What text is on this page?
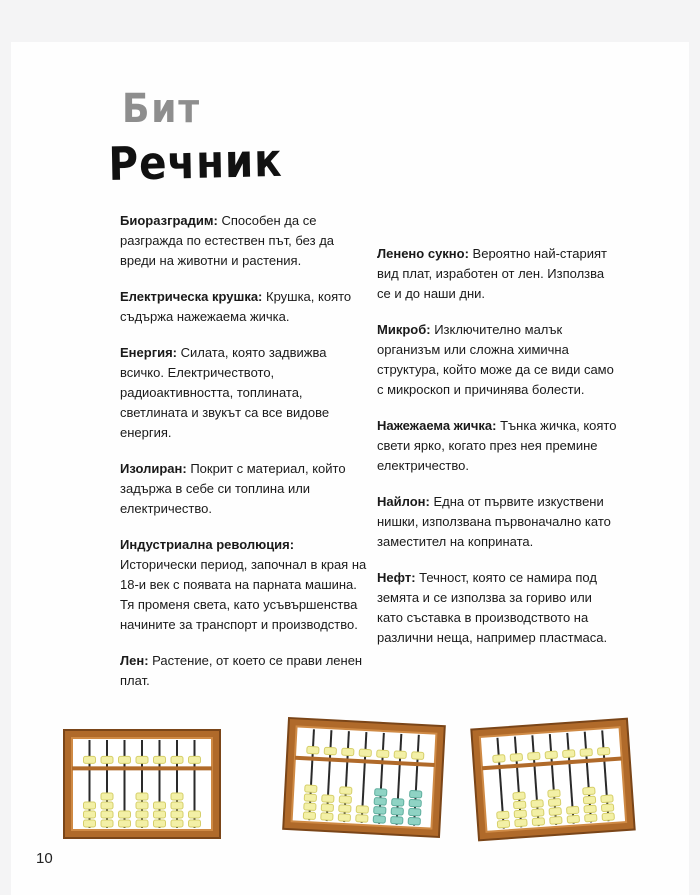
Бит
Речник

Биоразградим: Способен да се разгражда по естествен път, без да вреди на животни и растения.

Електрическа крушка: Крушка, която съдържа нажежаема жичка.

Енергия: Силата, която задвижва всичко. Електричеството, радиоактивността, топлината, светлината и звукът са все видове енергия.

Изолиран: Покрит с материал, който задържа в себе си топлина или електричество.

Индустриална революция: Исторически период, започнал в края на 18-и век с появата на парната машина. Тя променя света, като усъвършенства начините за транспорт и производство.

Лен: Растение, от което се прави ленен плат.

Ленено сукно: Вероятно най-старият вид плат, изработен от лен. Използва се и до наши дни.

Микроб: Изключително малък организъм или сложна химична структура, който може да се види само с микроскоп и причинява болести.

Нажежаема жичка: Тънка жичка, която свети ярко, когато през нея премине електричество.

Найлон: Една от първите изкуствени нишки, използвана първоначално като заместител на коприната.

Нефт: Течност, която се намира под земята и се използва за гориво или като съставка в производството на различни неща, например пластмаса.

10
